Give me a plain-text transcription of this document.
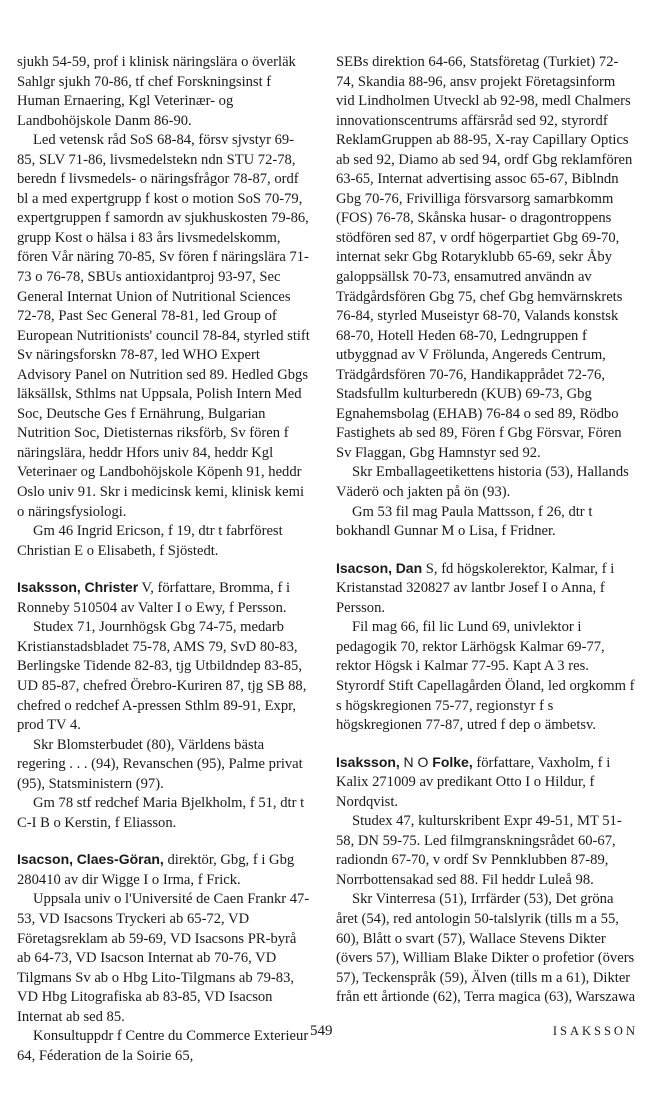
sjukh 54-59, prof i klinisk näringslära o överläk Sahlgr sjukh 70-86, tf chef Forskningsinst f Human Ernaering, Kgl Veterinær- og Landbohöjskole Danm 86-90.

Led vetensk råd SoS 68-84, försv sjvstyr 69-85, SLV 71-86, livsmedelstekn ndn STU 72-78, beredn f livsmedels- o näringsfrågor 78-87, ordf bl a med expertgrupp f kost o motion SoS 70-79, expertgruppen f samordn av sjukhuskosten 79-86, grupp Kost o hälsa i 83 års livsmedelskomm, fören Vår näring 70-85, Sv fören f näringslära 71-73 o 76-78, SBUs antioxidantproj 93-97, Sec General Internat Union of Nutritional Sciences 72-78, Past Sec General 78-81, led Group of European Nutritionists' council 78-84, styrled stift Sv näringsforskn 78-87, led WHO Expert Advisory Panel on Nutrition sed 89. Hedled Gbgs läksällsk, Sthlms nat Uppsala, Polish Intern Med Soc, Deutsche Ges f Ernährung, Bulgarian Nutrition Soc, Dietisternas riksförb, Sv fören f näringslära, heddr Hfors univ 84, heddr Kgl Veterinaer og Landbohöjskole Köpenh 91, heddr Oslo univ 91. Skr i medicinsk kemi, klinisk kemi o näringsfysiologi.

Gm 46 Ingrid Ericson, f 19, dtr t fabrförest Christian E o Elisabeth, f Sjöstedt.

Isaksson, Christer V, författare, Bromma, f i Ronneby 510504 av Valter I o Ewy, f Persson.

Studex 71, Journhögsk Gbg 74-75, medarb Kristianstadsbladet 75-78, AMS 79, SvD 80-83, Berlingske Tidende 82-83, tjg Utbildndep 83-85, UD 85-87, chefred Örebro-Kuriren 87, tjg SB 88, chefred o redchef A-pressen Sthlm 89-91, Expr, prod TV 4.

Skr Blomsterbudet (80), Världens bästa regering . . . (94), Revanschen (95), Palme privat (95), Statsministern (97).

Gm 78 stf redchef Maria Bjelkholm, f 51, dtr t C-I B o Kerstin, f Eliasson.

Isacson, Claes-Göran, direktör, Gbg, f i Gbg 280410 av dir Wigge I o Irma, f Frick.

Uppsala univ o l'Université de Caen Frankr 47-53, VD Isacsons Tryckeri ab 65-72, VD Företagsreklam ab 59-69, VD Isacsons PR-byrå ab 64-73, VD Isacson Internat ab 70-76, VD Tilgmans Sv ab o Hbg Lito-Tilgmans ab 79-83, VD Hbg Litografiska ab 83-85, VD Isacson Internat ab sed 85.

Konsultuppdr f Centre du Commerce Exterieur 64, Féderation de la Soirie 65,

SEBs direktion 64-66, Statsföretag (Turkiet) 72-74, Skandia 88-96, ansv projekt Företagsinform vid Lindholmen Utveckl ab 92-98, medl Chalmers innovationscentrums affärsråd sed 92, styrordf ReklamGruppen ab 88-95, X-ray Capillary Optics ab sed 92, Diamo ab sed 94, ordf Gbg reklamfören 63-65, Internat advertising assoc 65-67, Biblndn Gbg 70-76, Frivilliga försvarsorg samarbkomm (FOS) 76-78, Skånska husar- o dragontroppens stödfören sed 87, v ordf högerpartiet Gbg 69-70, internat sekr Gbg Rotaryklubb 65-69, sekr Åby galoppsällsk 70-73, ensamutred användn av Trädgårdsfören Gbg 75, chef Gbg hemvärnskrets 76-84, styrled Museistyr 68-70, Valands konstsk 68-70, Hotell Heden 68-70, Ledngruppen f utbyggnad av V Frölunda, Angereds Centrum, Trädgårdsfören 70-76, Handikapprådet 72-76, Stadsfullm kulturberedn (KUB) 69-73, Gbg Egnahemsbolag (EHAB) 76-84 o sed 89, Rödbo Fastighets ab sed 89, Fören f Gbg Försvar, Fören Sv Flaggan, Gbg Hamnstyr sed 92.

Skr Emballageetikettens historia (53), Hallands Väderö och jakten på ön (93).

Gm 53 fil mag Paula Mattsson, f 26, dtr t bokhandl Gunnar M o Lisa, f Fridner.

Isacson, Dan S, fd högskolerektor, Kalmar, f i Kristanstad 320827 av lantbr Josef I o Anna, f Persson.

Fil mag 66, fil lic Lund 69, univlektor i pedagogik 70, rektor Lärhögsk Kalmar 69-77, rektor Högsk i Kalmar 77-95. Kapt A 3 res. Styrordf Stift Capellagården Öland, led orgkomm f s högskregionen 75-77, regionstyr f s högskregionen 77-87, utred f dep o ämbetsv.

Isaksson, N O Folke, författare, Vaxholm, f i Kalix 271009 av predikant Otto I o Hildur, f Nordqvist.

Studex 47, kulturskribent Expr 49-51, MT 51-58, DN 59-75. Led filmgranskningsrådet 60-67, radiondn 67-70, v ordf Sv Pennklubben 87-89, Norrbottensakad sed 88. Fil heddr Luleå 98.

Skr Vinterresa (51), Irrfärder (53), Det gröna året (54), red antologin 50-talslyrik (tills m a 55, 60), Blått o svart (57), Wallace Stevens Dikter (övers 57), William Blake Dikter o profetior (övers 57), Teckenspråk (59), Älven (tills m a 61), Dikter från ett årtionde (62), Terra magica (63), Warszawa

549	ISAKSSON
